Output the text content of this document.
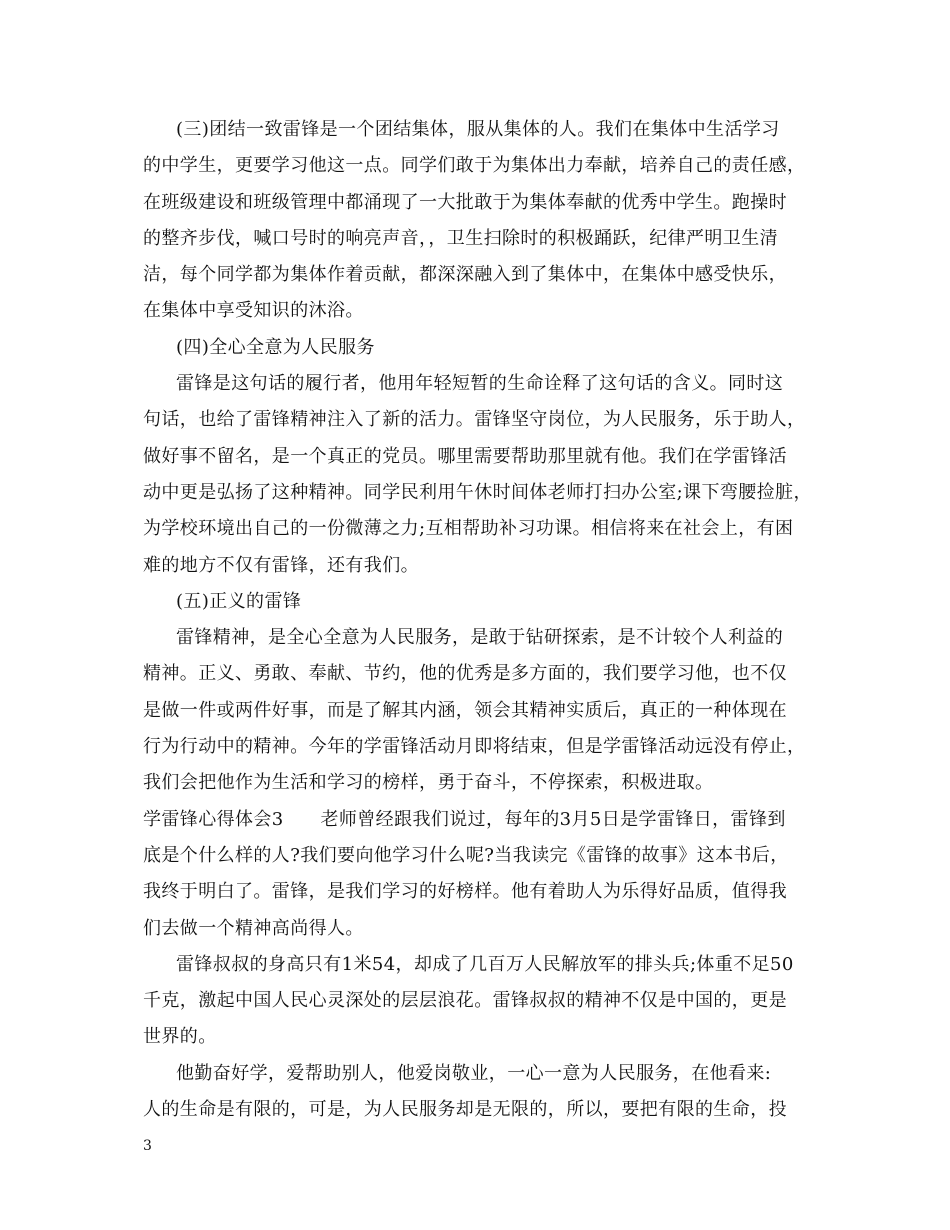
(三)团结一致雷锋是一个团结集体，服从集体的人。我们在集体中生活学习
的中学生，更要学习他这一点。同学们敢于为集体出力奉献，培养自己的责任感，
在班级建设和班级管理中都涌现了一大批敢于为集体奉献的优秀中学生。跑操时
的整齐步伐，喊口号时的响亮声音，，卫生扫除时的积极踊跃，纪律严明卫生清
洁，每个同学都为集体作着贡献，都深深融入到了集体中，在集体中感受快乐，
在集体中享受知识的沐浴。
(四)全心全意为人民服务
雷锋是这句话的履行者，他用年轻短暂的生命诠释了这句话的含义。同时这
句话，也给了雷锋精神注入了新的活力。雷锋坚守岗位，为人民服务，乐于助人，
做好事不留名，是一个真正的党员。哪里需要帮助那里就有他。我们在学雷锋活
动中更是弘扬了这种精神。同学民利用午休时间体老师打扫办公室;课下弯腰捡脏，
为学校环境出自己的一份微薄之力;互相帮助补习功课。相信将来在社会上，有困
难的地方不仅有雷锋，还有我们。
(五)正义的雷锋
雷锋精神，是全心全意为人民服务，是敢于钻研探索，是不计较个人利益的
精神。正义、勇敢、奉献、节约，他的优秀是多方面的，我们要学习他，也不仅
是做一件或两件好事，而是了解其内涵，领会其精神实质后，真正的一种体现在
行为行动中的精神。今年的学雷锋活动月即将结束，但是学雷锋活动远没有停止，
我们会把他作为生活和学习的榜样，勇于奋斗，不停探索，积极进取。
学雷锋心得体会3　　老师曾经跟我们说过，每年的3月5日是学雷锋日，雷锋到
底是个什么样的人?我们要向他学习什么呢?当我读完《雷锋的故事》这本书后，
我终于明白了。雷锋，是我们学习的好榜样。他有着助人为乐得好品质，值得我
们去做一个精神高尚得人。
雷锋叔叔的身高只有1米54，却成了几百万人民解放军的排头兵;体重不足50
千克，激起中国人民心灵深处的层层浪花。雷锋叔叔的精神不仅是中国的，更是
世界的。
他勤奋好学，爱帮助别人，他爱岗敬业，一心一意为人民服务，在他看来:
人的生命是有限的，可是，为人民服务却是无限的，所以，要把有限的生命，投
3
